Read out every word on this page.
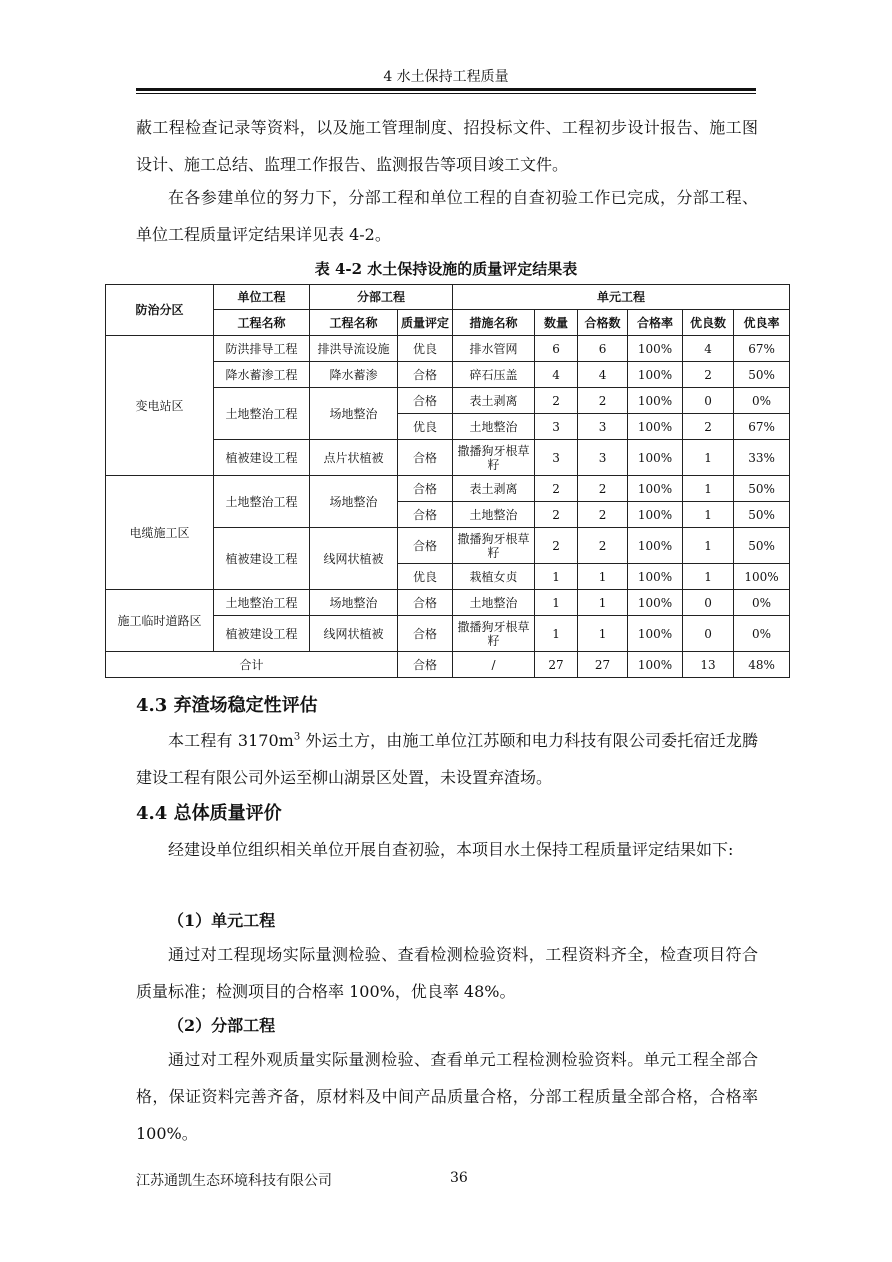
4 水土保持工程质量

蔽工程检查记录等资料，以及施工管理制度、招投标文件、工程初步设计报告、施工图设计、施工总结、监理工作报告、监测报告等项目竣工文件。

在各参建单位的努力下，分部工程和单位工程的自查初验工作已完成，分部工程、单位工程质量评定结果详见表 4-2。

表 4-2 水土保持设施的质量评定结果表
防治分区	单位工程	分部工程		单元工程					
	工程名称	工程名称	质量评定	措施名称	数量	合格数	合格率	优良数	优良率
变电站区	防洪排导工程	排洪导流设施	优良	排水管网	6	6	100%	4	67%
	降水蓄渗工程	降水蓄渗	合格	碎石压盖	4	4	100%	2	50%
	土地整治工程	场地整治	合格	表土剥离	2	2	100%	0	0%
			优良	土地整治	3	3	100%	2	67%
	植被建设工程	点片状植被	合格	撒播狗牙根草籽	3	3	100%	1	33%
电缆施工区	土地整治工程	场地整治	合格	表土剥离	2	2	100%	1	50%
			合格	土地整治	2	2	100%	1	50%
	植被建设工程	线网状植被	合格	撒播狗牙根草籽	2	2	100%	1	50%
			优良	栽植女贞	1	1	100%	1	100%
施工临时道路区	土地整治工程	场地整治	合格	土地整治	1	1	100%	0	0%
	植被建设工程	线网状植被	合格	撒播狗牙根草籽	1	1	100%	0	0%
合计			合格	/	27	27	100%	13	48%
4.3 弃渣场稳定性评估

本工程有 $3170m^3$ 外运土方，由施工单位江苏颐和电力科技有限公司委托宿迁龙腾建设工程有限公司外运至柳山湖景区处置，未设置弃渣场。

4.4 总体质量评价

经建设单位组织相关单位开展自查初验，本项目水土保持工程质量评定结果如下:

（1）单元工程

通过对工程现场实际量测检验、查看检测检验资料，工程资料齐全，检查项目符合质量标准；检测项目的合格率 100%，优良率 48%。

（2）分部工程

通过对工程外观质量实际量测检验、查看单元工程检测检验资料。单元工程全部合格，保证资料完善齐备，原材料及中间产品质量合格，分部工程质量全部合格，合格率 100%。

江苏通凯生态环境科技有限公司	36
